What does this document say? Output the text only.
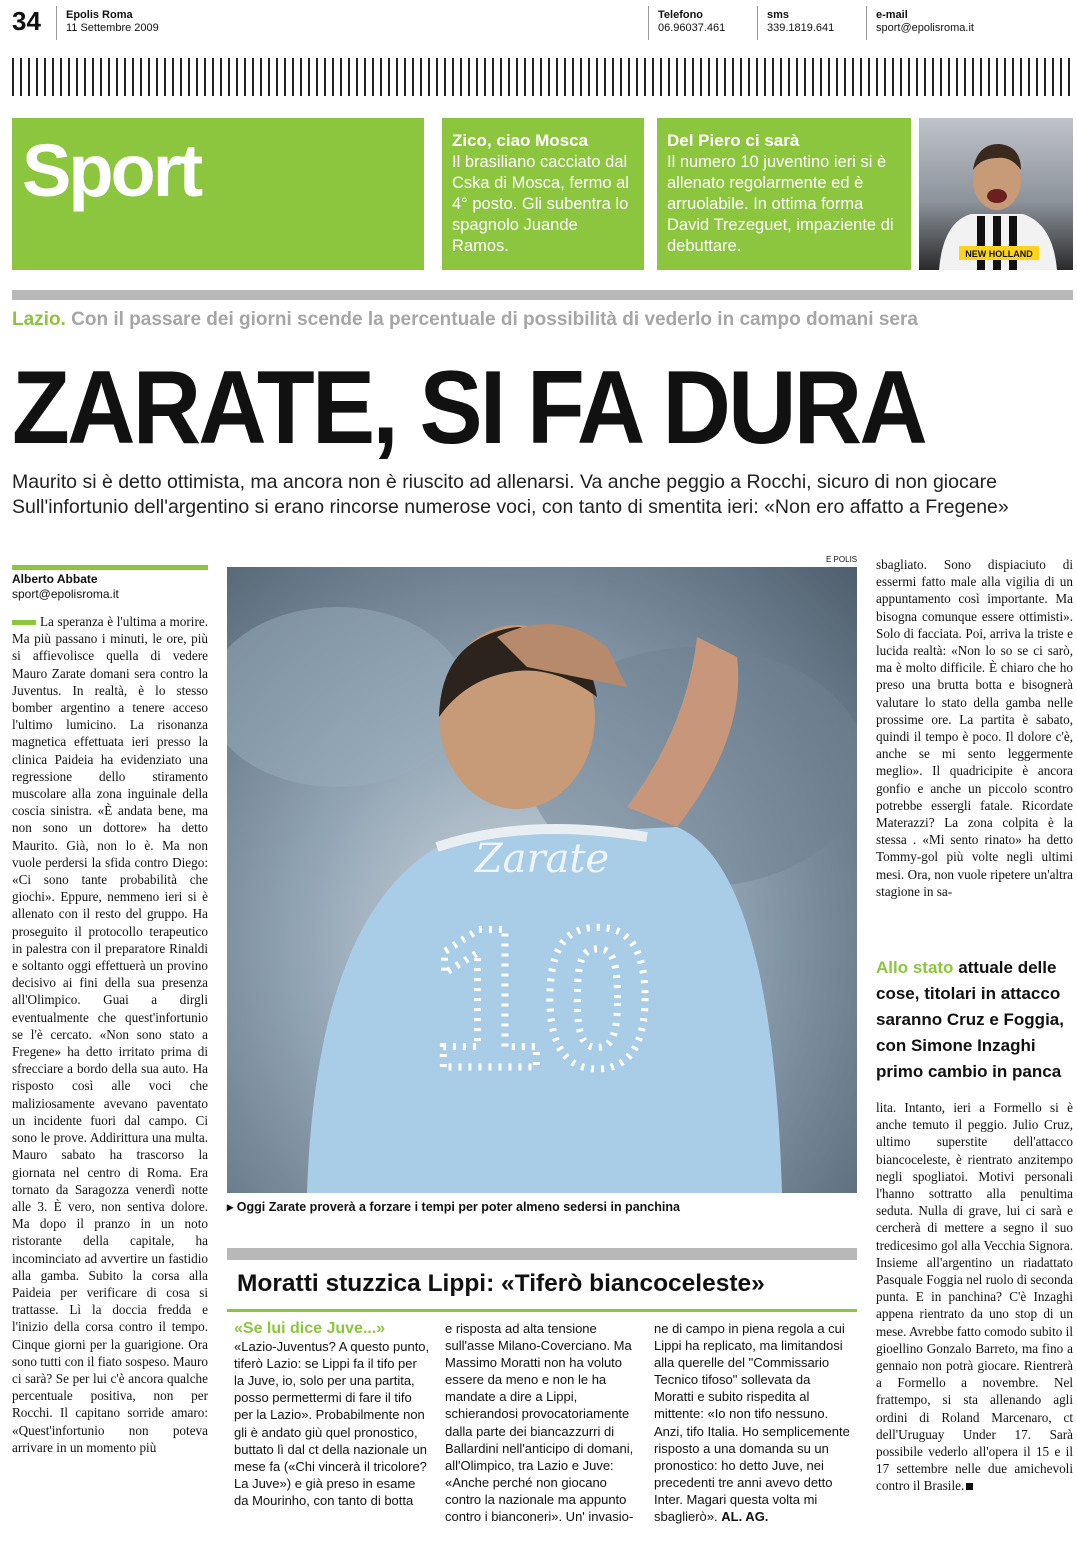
34 Epolis Roma
11 Settembre 2009
Telefono
06.96037.461
sms
339.1819.641
e-mail
sport@epolisroma.it
Sport	Zico, ciao Mosca
Il brasiliano cacciato dal Cska di Mosca, fermo al 4° posto. Gli subentra lo spagnolo Juande Ramos.
Del Piero ci sarà
Il numero 10 juventino ieri si è allenato regolarmente ed è arruolabile. In ottima forma David Trezeguet, impaziente di debuttare.	NEW HOLLAND
Lazio. Con il passare dei giorni scende la percentuale di possibilità di vederlo in campo domani sera
ZARATE, SI FA DURA
Maurito si è detto ottimista, ma ancora non è riuscito ad allenarsi. Va anche peggio a Rocchi, sicuro di non giocare
Sull'infortunio dell'argentino si erano rincorse numerose voci, con tanto di smentita ieri: «Non ero affatto a Fregene»
Alberto Abbate
sport@epolisroma.it
La speranza è l'ultima a morire. Ma più passano i minuti, le ore, più si affievolisce quella di vedere Mauro Zarate domani sera contro la Juventus. In realtà, è lo stesso bomber argentino a tenere acceso l'ultimo lumicino. La risonanza magnetica effettuata ieri presso la clinica Paideia ha evidenziato una regressione dello stiramento muscolare alla zona inguinale della coscia sinistra. «È andata bene, ma non sono un dottore» ha detto Maurito. Già, non lo è. Ma non vuole perdersi la sfida contro Diego: «Ci sono tante probabilità che giochi». Eppure, nemmeno ieri si è allenato con il resto del gruppo. Ha proseguito il protocollo terapeutico in palestra con il preparatore Rinaldi e soltanto oggi effettuerà un provino decisivo ai fini della sua presenza all'Olimpico. Guai a dirgli eventualmente che quest'infortunio se l'è cercato. «Non sono stato a Fregene» ha detto irritato prima di sfrecciare a bordo della sua auto. Ha risposto così alle voci che maliziosamente avevano paventato un incidente fuori dal campo. Ci sono le prove. Addirittura una multa. Mauro sabato ha trascorso la giornata nel centro di Roma. Era tornato da Saragozza venerdì notte alle 3. È vero, non sentiva dolore. Ma dopo il pranzo in un noto ristorante della capitale, ha incominciato ad avvertire un fastidio alla gamba. Subito la corsa alla Paideia per verificare di cosa si trattasse. Lì la doccia fredda e l'inizio della corsa contro il tempo. Cinque giorni per la guarigione. Ora sono tutti con il fiato sospeso. Mauro ci sarà? Se per lui c'è ancora qualche percentuale positiva, non per Rocchi. Il capitano sorride amaro: «Quest'infortunio non poteva arrivare in un momento più
E POLIS
10
Zarate
▸ Oggi Zarate proverà a forzare i tempi per poter almeno sedersi in panchina
sbagliato. Sono dispiaciuto di essermi fatto male alla vigilia di un appuntamento così importante. Ma bisogna comunque essere ottimisti». Solo di facciata. Poi, arriva la triste e lucida realtà: «Non lo so se ci sarò, ma è molto difficile. È chiaro che ho preso una brutta botta e bisognerà valutare lo stato della gamba nelle prossime ore. La partita è sabato, quindi il tempo è poco. Il dolore c'è, anche se mi sento leggermente meglio». Il quadricipite è ancora gonfio e anche un piccolo scontro potrebbe essergli fatale. Ricordate Materazzi? La zona colpita è la stessa . «Mi sento rinato» ha detto Tommy-gol più volte negli ultimi mesi. Ora, non vuole ripetere un'altra stagione in sa-
Allo stato attuale delle cose, titolari in attacco saranno Cruz e Foggia, con Simone Inzaghi primo cambio in panca
lita. Intanto, ieri a Formello si è anche temuto il peggio. Julio Cruz, ultimo superstite dell'attacco biancoceleste, è rientrato anzitempo negli spogliatoi. Motivi personali l'hanno sottratto alla penultima seduta. Nulla di grave, lui ci sarà e cercherà di mettere a segno il suo tredicesimo gol alla Vecchia Signora. Insieme all'argentino un riadattato Pasquale Foggia nel ruolo di seconda punta. E in panchina? C'è Inzaghi appena rientrato da uno stop di un mese. Avrebbe fatto comodo subito il gioellino Gonzalo Barreto, ma fino a gennaio non potrà giocare. Rientrerà a Formello a novembre. Nel frattempo, si sta allenando agli ordini di Roland Marcenaro, ct dell'Uruguay Under 17. Sarà possibile vederlo all'opera il 15 e il 17 settembre nelle due amichevoli contro il Brasile.
Moratti stuzzica Lippi: «Tiferò biancoceleste»
«Se lui dice Juve...»
«Lazio-Juventus? A questo punto, tiferò Lazio: se Lippi fa il tifo per la Juve, io, solo per una partita, posso permettermi di fare il tifo per la Lazio». Probabilmente non gli è andato giù quel pronostico, buttato lì dal ct della nazionale un mese fa («Chi vincerà il tricolore? La Juve») e già preso in esame da Mourinho, con tanto di botta
e risposta ad alta tensione sull'asse Milano-Coverciano. Ma Massimo Moratti non ha voluto essere da meno e non le ha mandate a dire a Lippi, schierandosi provocatoriamente dalla parte dei biancazzurri di Ballardini nell'anticipo di domani, all'Olimpico, tra Lazio e Juve: «Anche perché non giocano contro la nazionale ma appunto contro i bianconeri». Un' invasio-
ne di campo in piena regola a cui Lippi ha replicato, ma limitandosi alla querelle del "Commissario Tecnico tifoso" sollevata da Moratti e subito rispedita al mittente: «Io non tifo nessuno. Anzi, tifo Italia. Ho semplicemente risposto a una domanda su un pronostico: ho detto Juve, nei precedenti tre anni avevo detto Inter. Magari questa volta mi sbaglierò». AL. AG.
